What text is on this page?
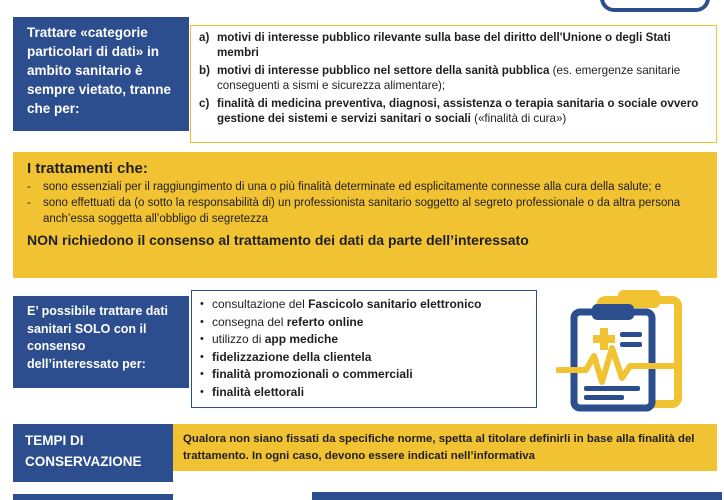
Trattare «categorie particolari di dati» in ambito sanitario è sempre vietato, tranne che per:
a) motivi di interesse pubblico rilevante sulla base del diritto dell'Unione o degli Stati membri
b) motivi di interesse pubblico nel settore della sanità pubblica (es. emergenze sanitarie conseguenti a sismi e sicurezza alimentare);
c) finalità di medicina preventiva, diagnosi, assistenza o terapia sanitaria o sociale ovvero gestione dei sistemi e servizi sanitari o sociali («finalità di cura»)
I trattamenti che:
-	sono essenziali per il raggiungimento di una o più finalità determinate ed esplicitamente connesse alla cura della salute; e
-	sono effettuati da (o sotto la responsabilità di) un professionista sanitario soggetto al segreto professionale o da altra persona anch’essa soggetta all’obbligo di segretezza
NON richiedono il consenso al trattamento dei dati da parte dell’interessato
E’ possibile trattare dati sanitari SOLO con il consenso dell’interessato per:
• consultazione del Fascicolo sanitario elettronico
• consegna del referto online
• utilizzo di app mediche
• fidelizzazione della clientela
• finalità promozionali o commerciali
• finalità elettorali
TEMPI DI CONSERVAZIONE
Qualora non siano fissati da specifiche norme, spetta al titolare definirli in base alla finalità del trattamento. In ogni caso, devono essere indicati nell’informativa
